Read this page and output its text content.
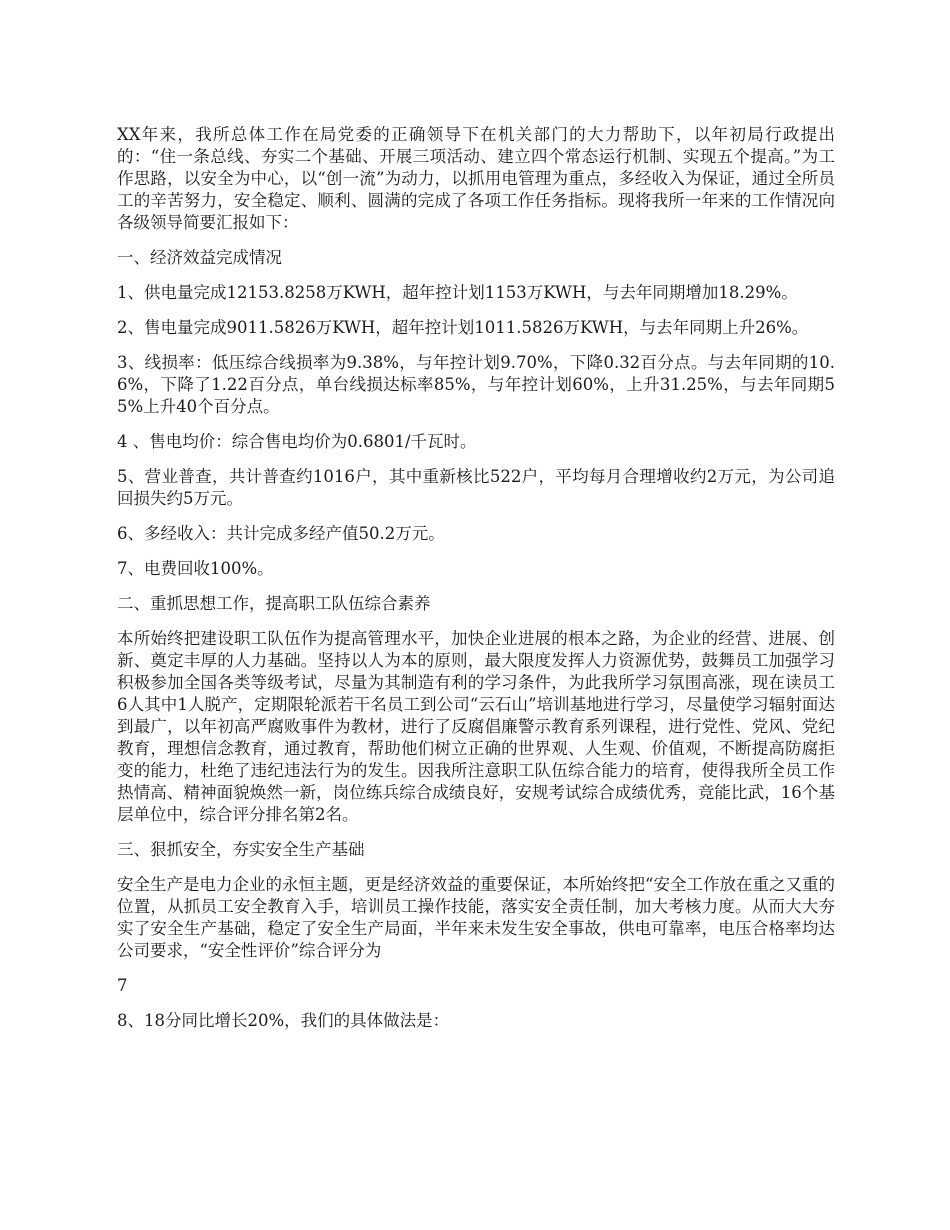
XX年来，我所总体工作在局党委的正确领导下在机关部门的大力帮助下，以年初局行政提出的：“住一条总线、夯实二个基础、开展三项活动、建立四个常态运行机制、实现五个提高。”为工作思路，以安全为中心，以“创一流”为动力，以抓用电管理为重点，多经收入为保证，通过全所员工的辛苦努力，安全稳定、顺利、圆满的完成了各项工作任务指标。现将我所一年来的工作情况向各级领导简要汇报如下：

一、经济效益完成情况

1、供电量完成12153.8258万KWH，超年控计划1153万KWH，与去年同期增加18.29%。

2、售电量完成9011.5826万KWH，超年控计划1011.5826万KWH，与去年同期上升26%。

3、线损率：低压综合线损率为9.38%，与年控计划9.70%，下降0.32百分点。与去年同期的10.6%，下降了1.22百分点，单台线损达标率85%，与年控计划60%，上升31.25%，与去年同期55%上升40个百分点。

4 、售电均价：综合售电均价为0.6801/千瓦时。

5、营业普查，共计普查约1016户，其中重新核比522户，平均每月合理增收约2万元，为公司追回损失约5万元。

6、多经收入：共计完成多经产值50.2万元。

7、电费回收100%。

二、重抓思想工作，提高职工队伍综合素养

本所始终把建设职工队伍作为提高管理水平，加快企业进展的根本之路，为企业的经营、进展、创新、奠定丰厚的人力基础。坚持以人为本的原则，最大限度发挥人力资源优势，鼓舞员工加强学习积极参加全国各类等级考试，尽量为其制造有利的学习条件，为此我所学习氛围高涨，现在读员工6人其中1人脱产，定期限轮派若干名员工到公司“云石山”培训基地进行学习，尽量使学习辐射面达到最广，以年初高严腐败事件为教材，进行了反腐倡廉警示教育系列课程，进行党性、党风、党纪教育，理想信念教育，通过教育，帮助他们树立正确的世界观、人生观、价值观，不断提高防腐拒变的能力，杜绝了违纪违法行为的发生。因我所注意职工队伍综合能力的培育，使得我所全员工作热情高、精神面貌焕然一新，岗位练兵综合成绩良好，安规考试综合成绩优秀，竞能比武，16个基层单位中，综合评分排名第2名。

三、狠抓安全，夯实安全生产基础

安全生产是电力企业的永恒主题，更是经济效益的重要保证，本所始终把“安全工作放在重之又重的位置，从抓员工安全教育入手，培训员工操作技能，落实安全责任制，加大考核力度。从而大大夯实了安全生产基础，稳定了安全生产局面，半年来未发生安全事故，供电可靠率，电压合格率均达公司要求，“安全性评价”综合评分为

7

8、18分同比增长20%，我们的具体做法是：
